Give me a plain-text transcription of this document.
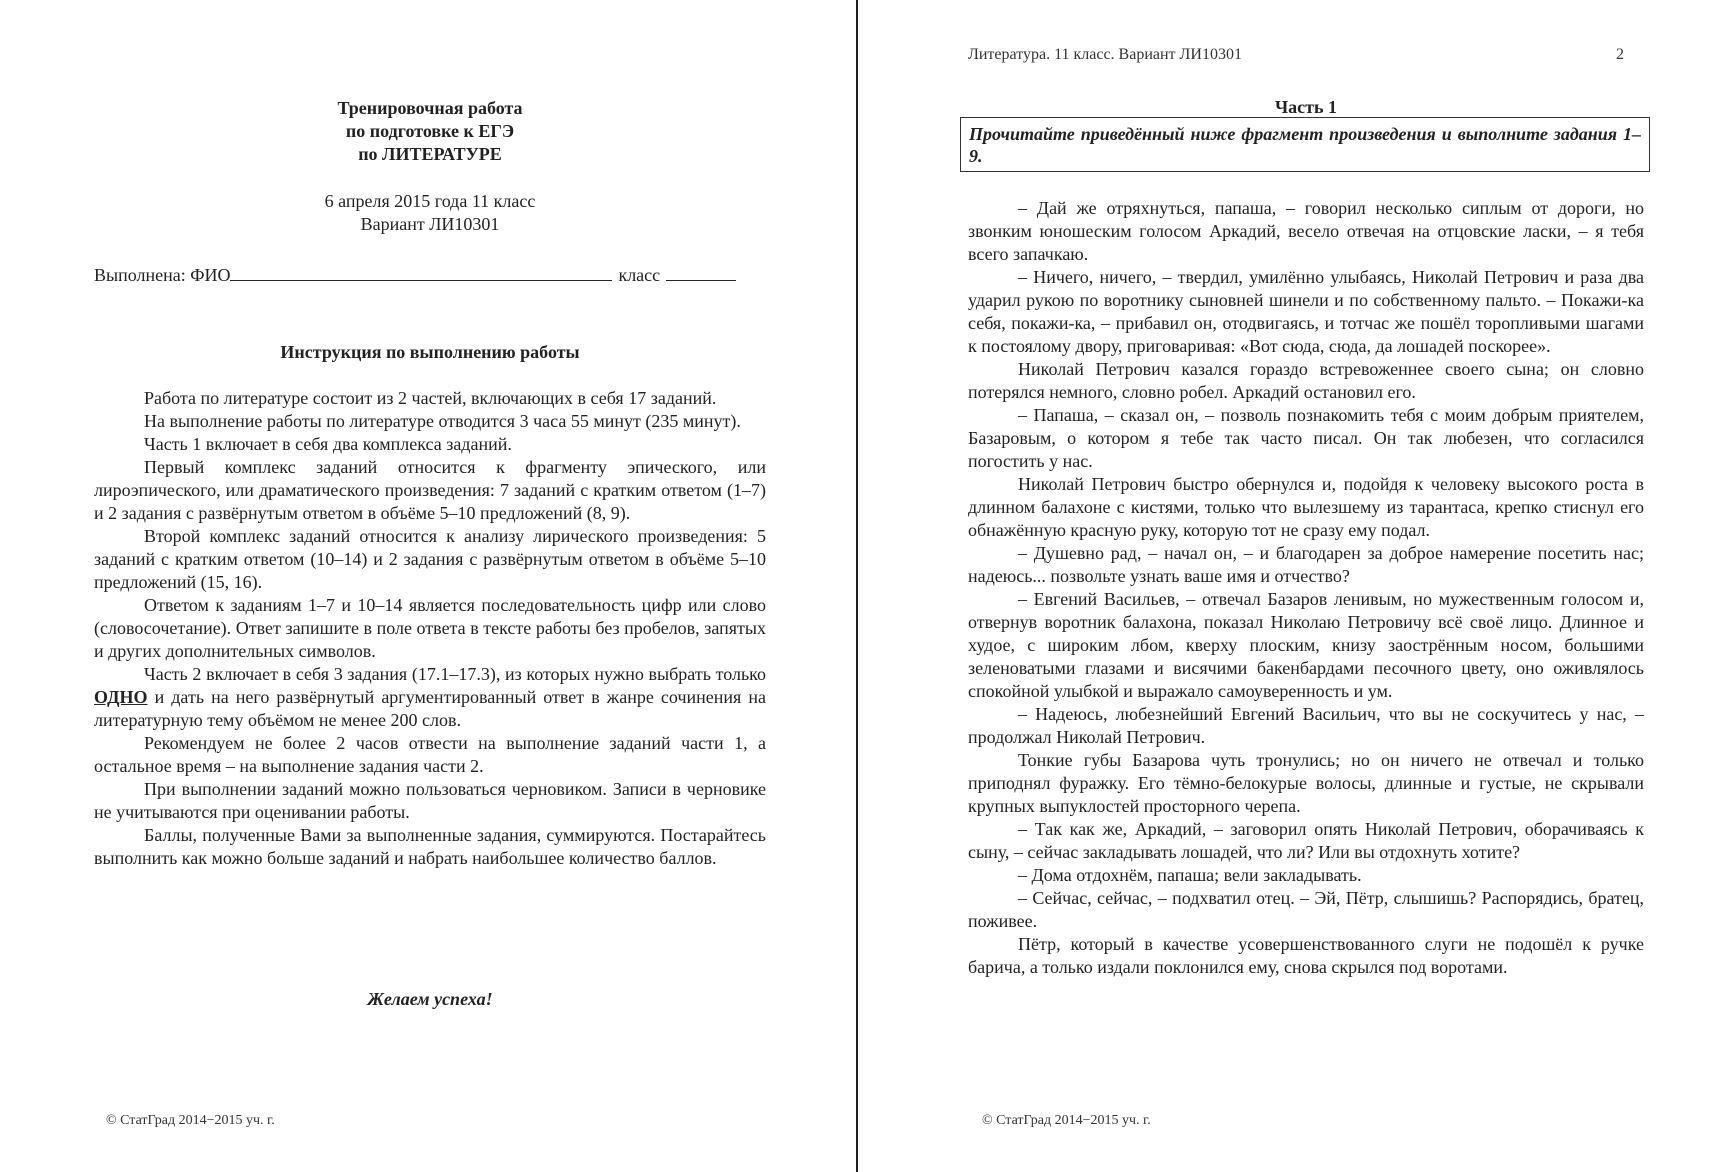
Тренировочная работа
по подготовке к ЕГЭ
по ЛИТЕРАТУРЕ
6 апреля 2015 года 11 класс
Вариант ЛИ10301
Выполнена: ФИО	класс
Инструкция по выполнению работы

Работа по литературе состоит из 2 частей, включающих в себя 17 заданий.

На выполнение работы по литературе отводится 3 часа 55 минут (235 минут).

Часть 1 включает в себя два комплекса заданий.

Первый комплекс заданий относится к фрагменту эпического, или лироэпического, или драматического произведения: 7 заданий с кратким ответом (1–7) и 2 задания с развёрнутым ответом в объёме 5–10 предложений (8, 9).

Второй комплекс заданий относится к анализу лирического произведения: 5 заданий с кратким ответом (10–14) и 2 задания с развёрнутым ответом в объёме 5–10 предложений (15, 16).

Ответом к заданиям 1–7 и 10–14 является последовательность цифр или слово (словосочетание). Ответ запишите в поле ответа в тексте работы без пробелов, запятых и других дополнительных символов.

Часть 2 включает в себя 3 задания (17.1–17.3), из которых нужно выбрать только ОДНО и дать на него развёрнутый аргументированный ответ в жанре сочинения на литературную тему объёмом не менее 200 слов.

Рекомендуем не более 2 часов отвести на выполнение заданий части 1, а остальное время – на выполнение задания части 2.

При выполнении заданий можно пользоваться черновиком. Записи в черновике не учитываются при оценивании работы.

Баллы, полученные Вами за выполненные задания, суммируются. Постарайтесь выполнить как можно больше заданий и набрать наибольшее количество баллов.

Желаем успеха!
© СтатГрад 2014−2015 уч. г.
Литература. 11 класс. Вариант ЛИ10301	2
Часть 1
Прочитайте приведённый ниже фрагмент произведения и выполните задания 1–9.

– Дай же отряхнуться, папаша, – говорил несколько сиплым от дороги, но звонким юношеским голосом Аркадий, весело отвечая на отцовские ласки, – я тебя всего запачкаю.

– Ничего, ничего, – твердил, умилённо улыбаясь, Николай Петрович и раза два ударил рукою по воротнику сыновней шинели и по собственному пальто. – Покажи-ка себя, покажи-ка, – прибавил он, отодвигаясь, и тотчас же пошёл торопливыми шагами к постоялому двору, приговаривая: «Вот сюда, сюда, да лошадей поскорее».

Николай Петрович казался гораздо встревоженнее своего сына; он словно потерялся немного, словно робел. Аркадий остановил его.

– Папаша, – сказал он, – позволь познакомить тебя с моим добрым приятелем, Базаровым, о котором я тебе так часто писал. Он так любезен, что согласился погостить у нас.

Николай Петрович быстро обернулся и, подойдя к человеку высокого роста в длинном балахоне с кистями, только что вылезшему из тарантаса, крепко стиснул его обнажённую красную руку, которую тот не сразу ему подал.

– Душевно рад, – начал он, – и благодарен за доброе намерение посетить нас; надеюсь... позвольте узнать ваше имя и отчество?

– Евгений Васильев, – отвечал Базаров ленивым, но мужественным голосом и, отвернув воротник балахона, показал Николаю Петровичу всё своё лицо. Длинное и худое, с широким лбом, кверху плоским, книзу заострённым носом, большими зеленоватыми глазами и висячими бакенбардами песочного цвету, оно оживлялось спокойной улыбкой и выражало самоуверенность и ум.

– Надеюсь, любезнейший Евгений Васильич, что вы не соскучитесь у нас, – продолжал Николай Петрович.

Тонкие губы Базарова чуть тронулись; но он ничего не отвечал и только приподнял фуражку. Его тёмно-белокурые волосы, длинные и густые, не скрывали крупных выпуклостей просторного черепа.

– Так как же, Аркадий, – заговорил опять Николай Петрович, оборачиваясь к сыну, – сейчас закладывать лошадей, что ли? Или вы отдохнуть хотите?

– Дома отдохнём, папаша; вели закладывать.

– Сейчас, сейчас, – подхватил отец. – Эй, Пётр, слышишь? Распорядись, братец, поживее.

Пётр, который в качестве усовершенствованного слуги не подошёл к ручке барича, а только издали поклонился ему, снова скрылся под воротами.

© СтатГрад 2014−2015 уч. г.
